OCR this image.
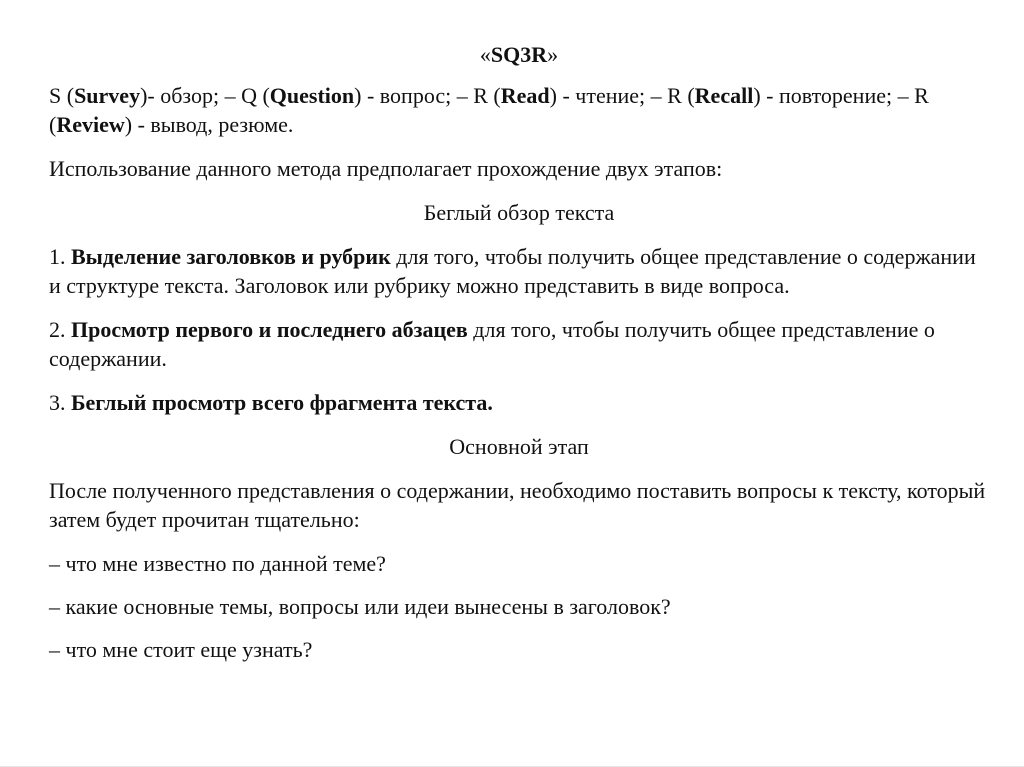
«SQ3R»

S (Survey)- обзор; – Q (Question) - вопрос; – R (Read) - чтение; – R (Recall) - повторение; – R (Review) - вывод, резюме.

Использование данного метода предполагает прохождение двух этапов:

Беглый обзор текста

1. Выделение заголовков и рубрик для того, чтобы получить общее представление о содержании и структуре текста. Заголовок или рубрику можно представить в виде вопроса.

2. Просмотр первого и последнего абзацев для того, чтобы получить общее представление о содержании.

3. Беглый просмотр всего фрагмента текста.

Основной этап

После полученного представления о содержании, необходимо поставить вопросы к тексту, который затем будет прочитан тщательно:

– что мне известно по данной теме?

– какие основные темы, вопросы или идеи вынесены в заголовок?

– что мне стоит еще узнать?
